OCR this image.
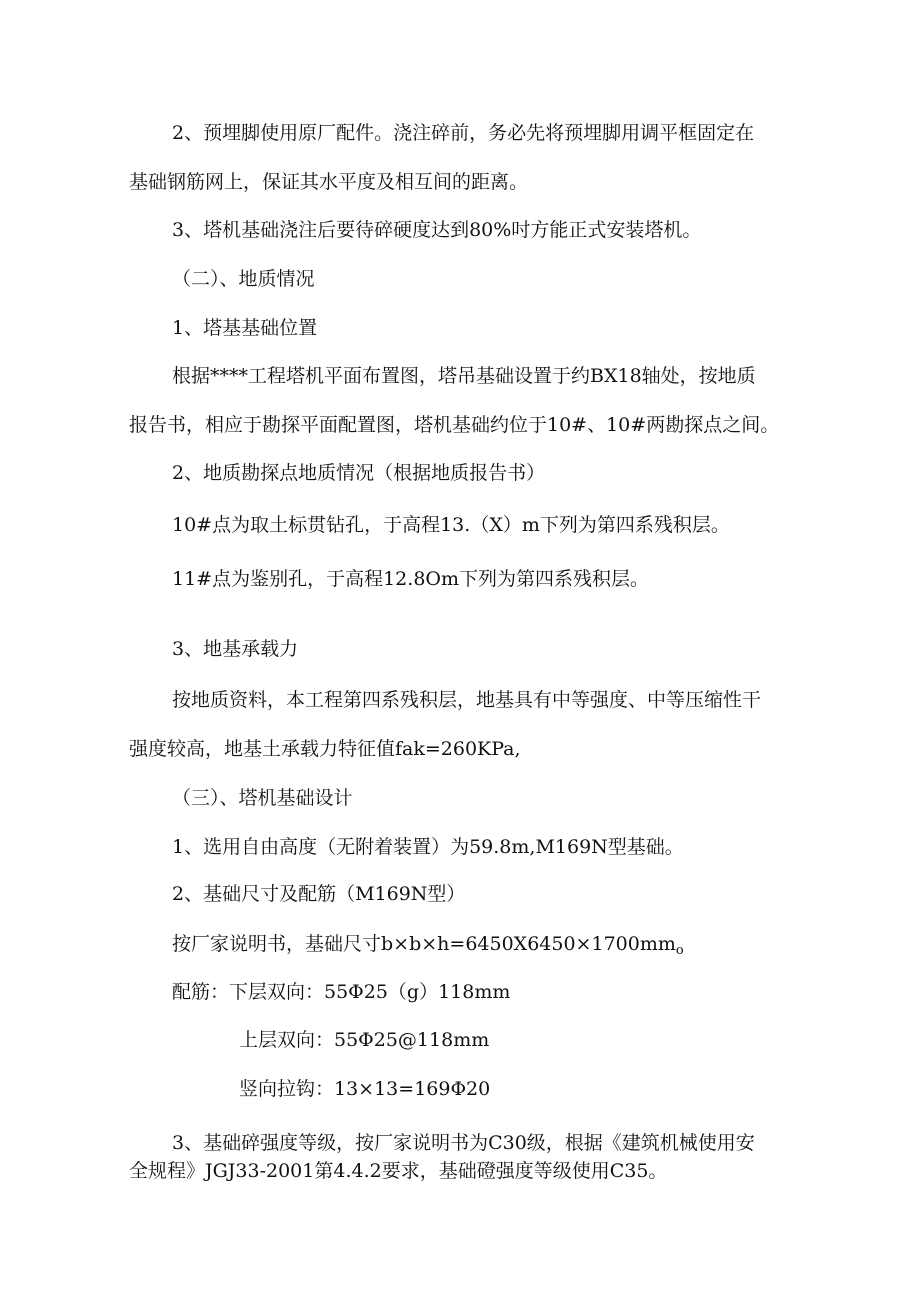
2、预埋脚使用原厂配件。浇注碎前，务必先将预埋脚用调平框固定在

基础钢筋网上，保证其水平度及相互间的距离。

3、塔机基础浇注后要待碎硬度达到80%吋方能正式安装塔机。

（二）、地质情况

1、塔基基础位置

根据****工程塔机平面布置图，塔吊基础设置于约BX18轴处，按地质

报告书，相应于勘探平面配置图，塔机基础约位于10#、10#两勘探点之间。

2、地质勘探点地质情况（根据地质报告书）

10#点为取土标贯钻孔，于高程13.（X）m下列为第四系残积层。

11#点为鉴别孔，于高程12.8Om下列为第四系残积层。

3、地基承载力

按地质资料，本工程第四系残积层，地基具有中等强度、中等压缩性干

强度较高，地基土承载力特征值fak=260KPa,

（三）、塔机基础设计

1、选用自由高度（无附着装置）为59.8m,M169N型基础。

2、基础尺寸及配筋（M169N型）

按厂家说明书，基础尺寸$b\times b\times h=6450X6450\times 1700mm_o$

配筋：下层双向：55Φ25（g）118mm

上层双向：55Φ25@118mm

竖向拉钩：13×13=169Φ20

3、基础碎强度等级，按厂家说明书为C30级，根据《建筑机械使用安

全规程》JGJ33-2001第4.4.2要求，基础磴强度等级使用C35。
